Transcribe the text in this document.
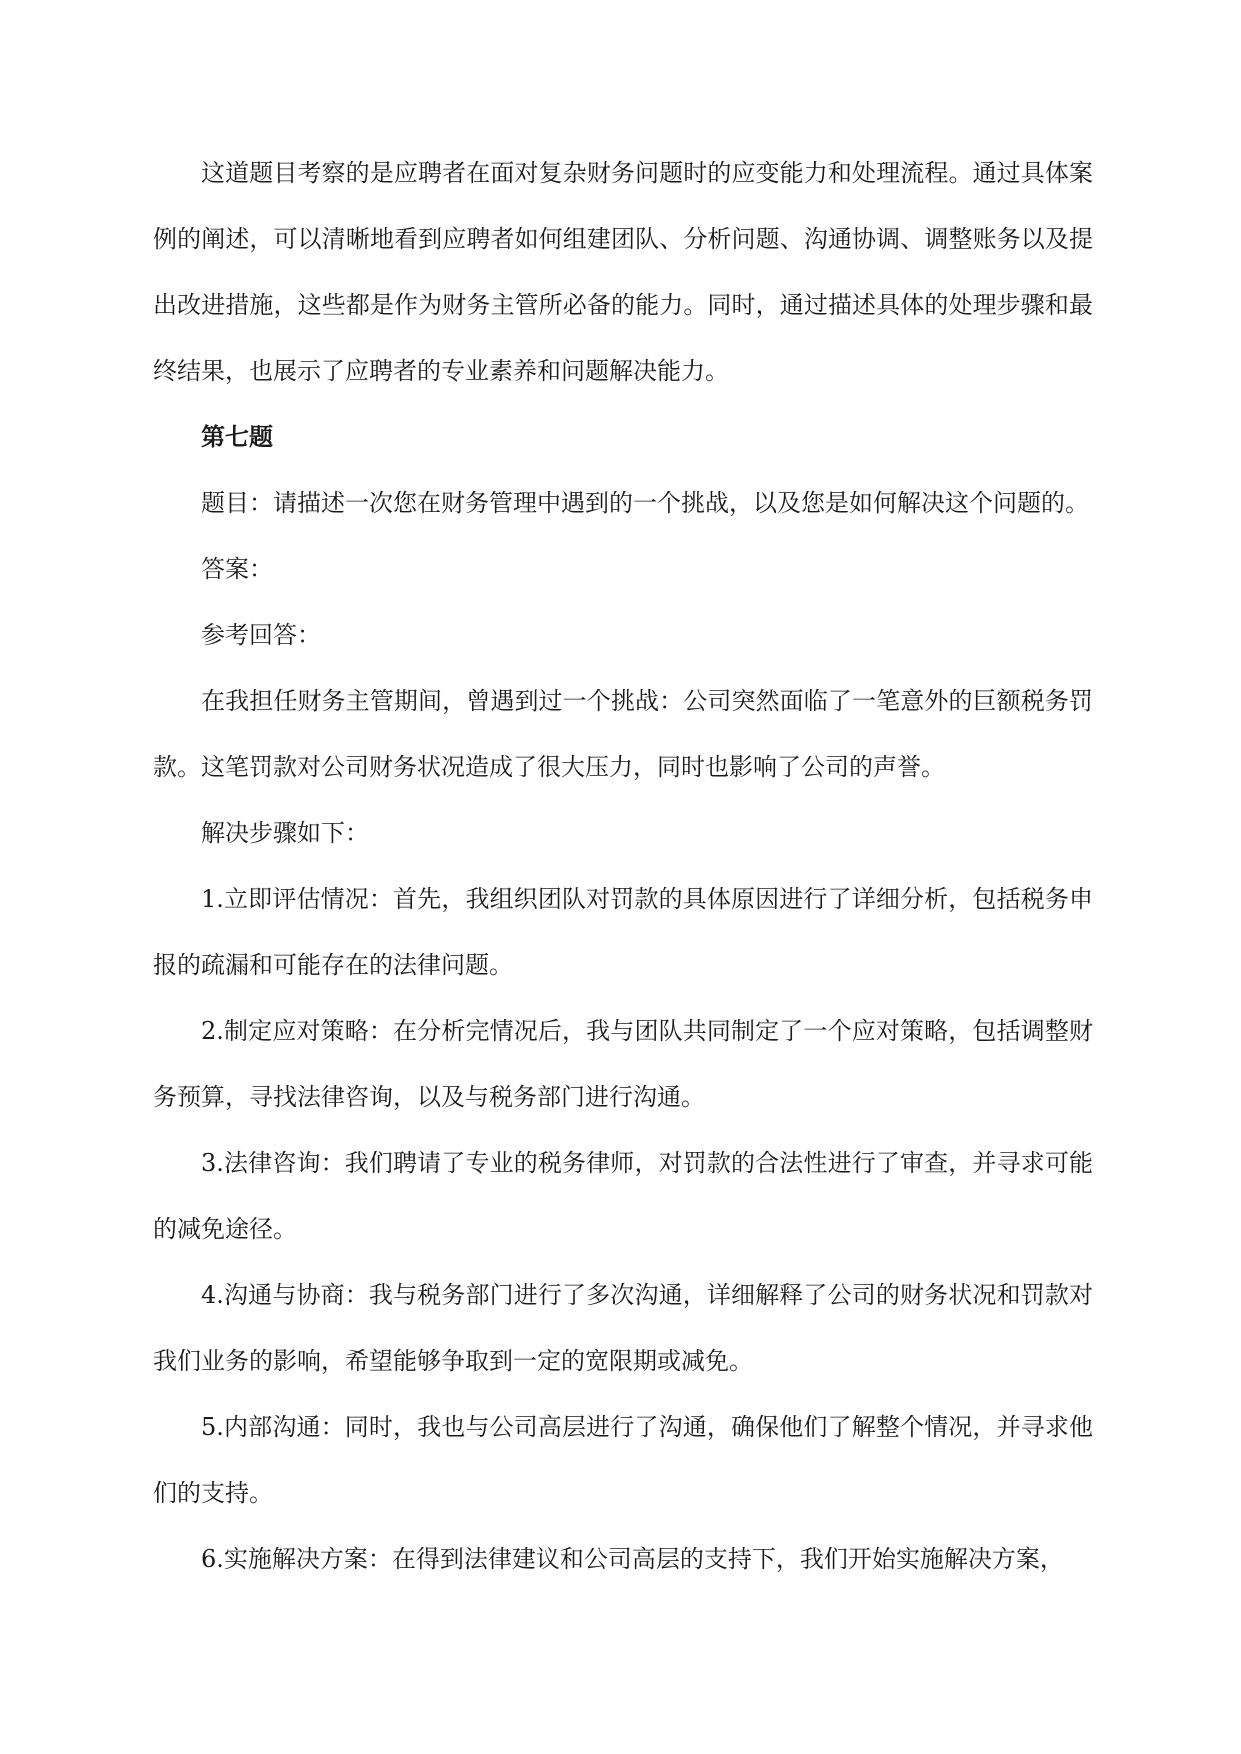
这道题目考察的是应聘者在面对复杂财务问题时的应变能力和处理流程。通过具体案例的阐述，可以清晰地看到应聘者如何组建团队、分析问题、沟通协调、调整账务以及提出改进措施，这些都是作为财务主管所必备的能力。同时，通过描述具体的处理步骤和最终结果，也展示了应聘者的专业素养和问题解决能力。

第七题

题目：请描述一次您在财务管理中遇到的一个挑战，以及您是如何解决这个问题的。

答案：

参考回答：

在我担任财务主管期间，曾遇到过一个挑战：公司突然面临了一笔意外的巨额税务罚款。这笔罚款对公司财务状况造成了很大压力，同时也影响了公司的声誉。

解决步骤如下：

1.立即评估情况：首先，我组织团队对罚款的具体原因进行了详细分析，包括税务申报的疏漏和可能存在的法律问题。

2.制定应对策略：在分析完情况后，我与团队共同制定了一个应对策略，包括调整财务预算，寻找法律咨询，以及与税务部门进行沟通。

3.法律咨询：我们聘请了专业的税务律师，对罚款的合法性进行了审查，并寻求可能的减免途径。

4.沟通与协商：我与税务部门进行了多次沟通，详细解释了公司的财务状况和罚款对我们业务的影响，希望能够争取到一定的宽限期或减免。

5.内部沟通：同时，我也与公司高层进行了沟通，确保他们了解整个情况，并寻求他们的支持。

6.实施解决方案：在得到法律建议和公司高层的支持下，我们开始实施解决方案，
